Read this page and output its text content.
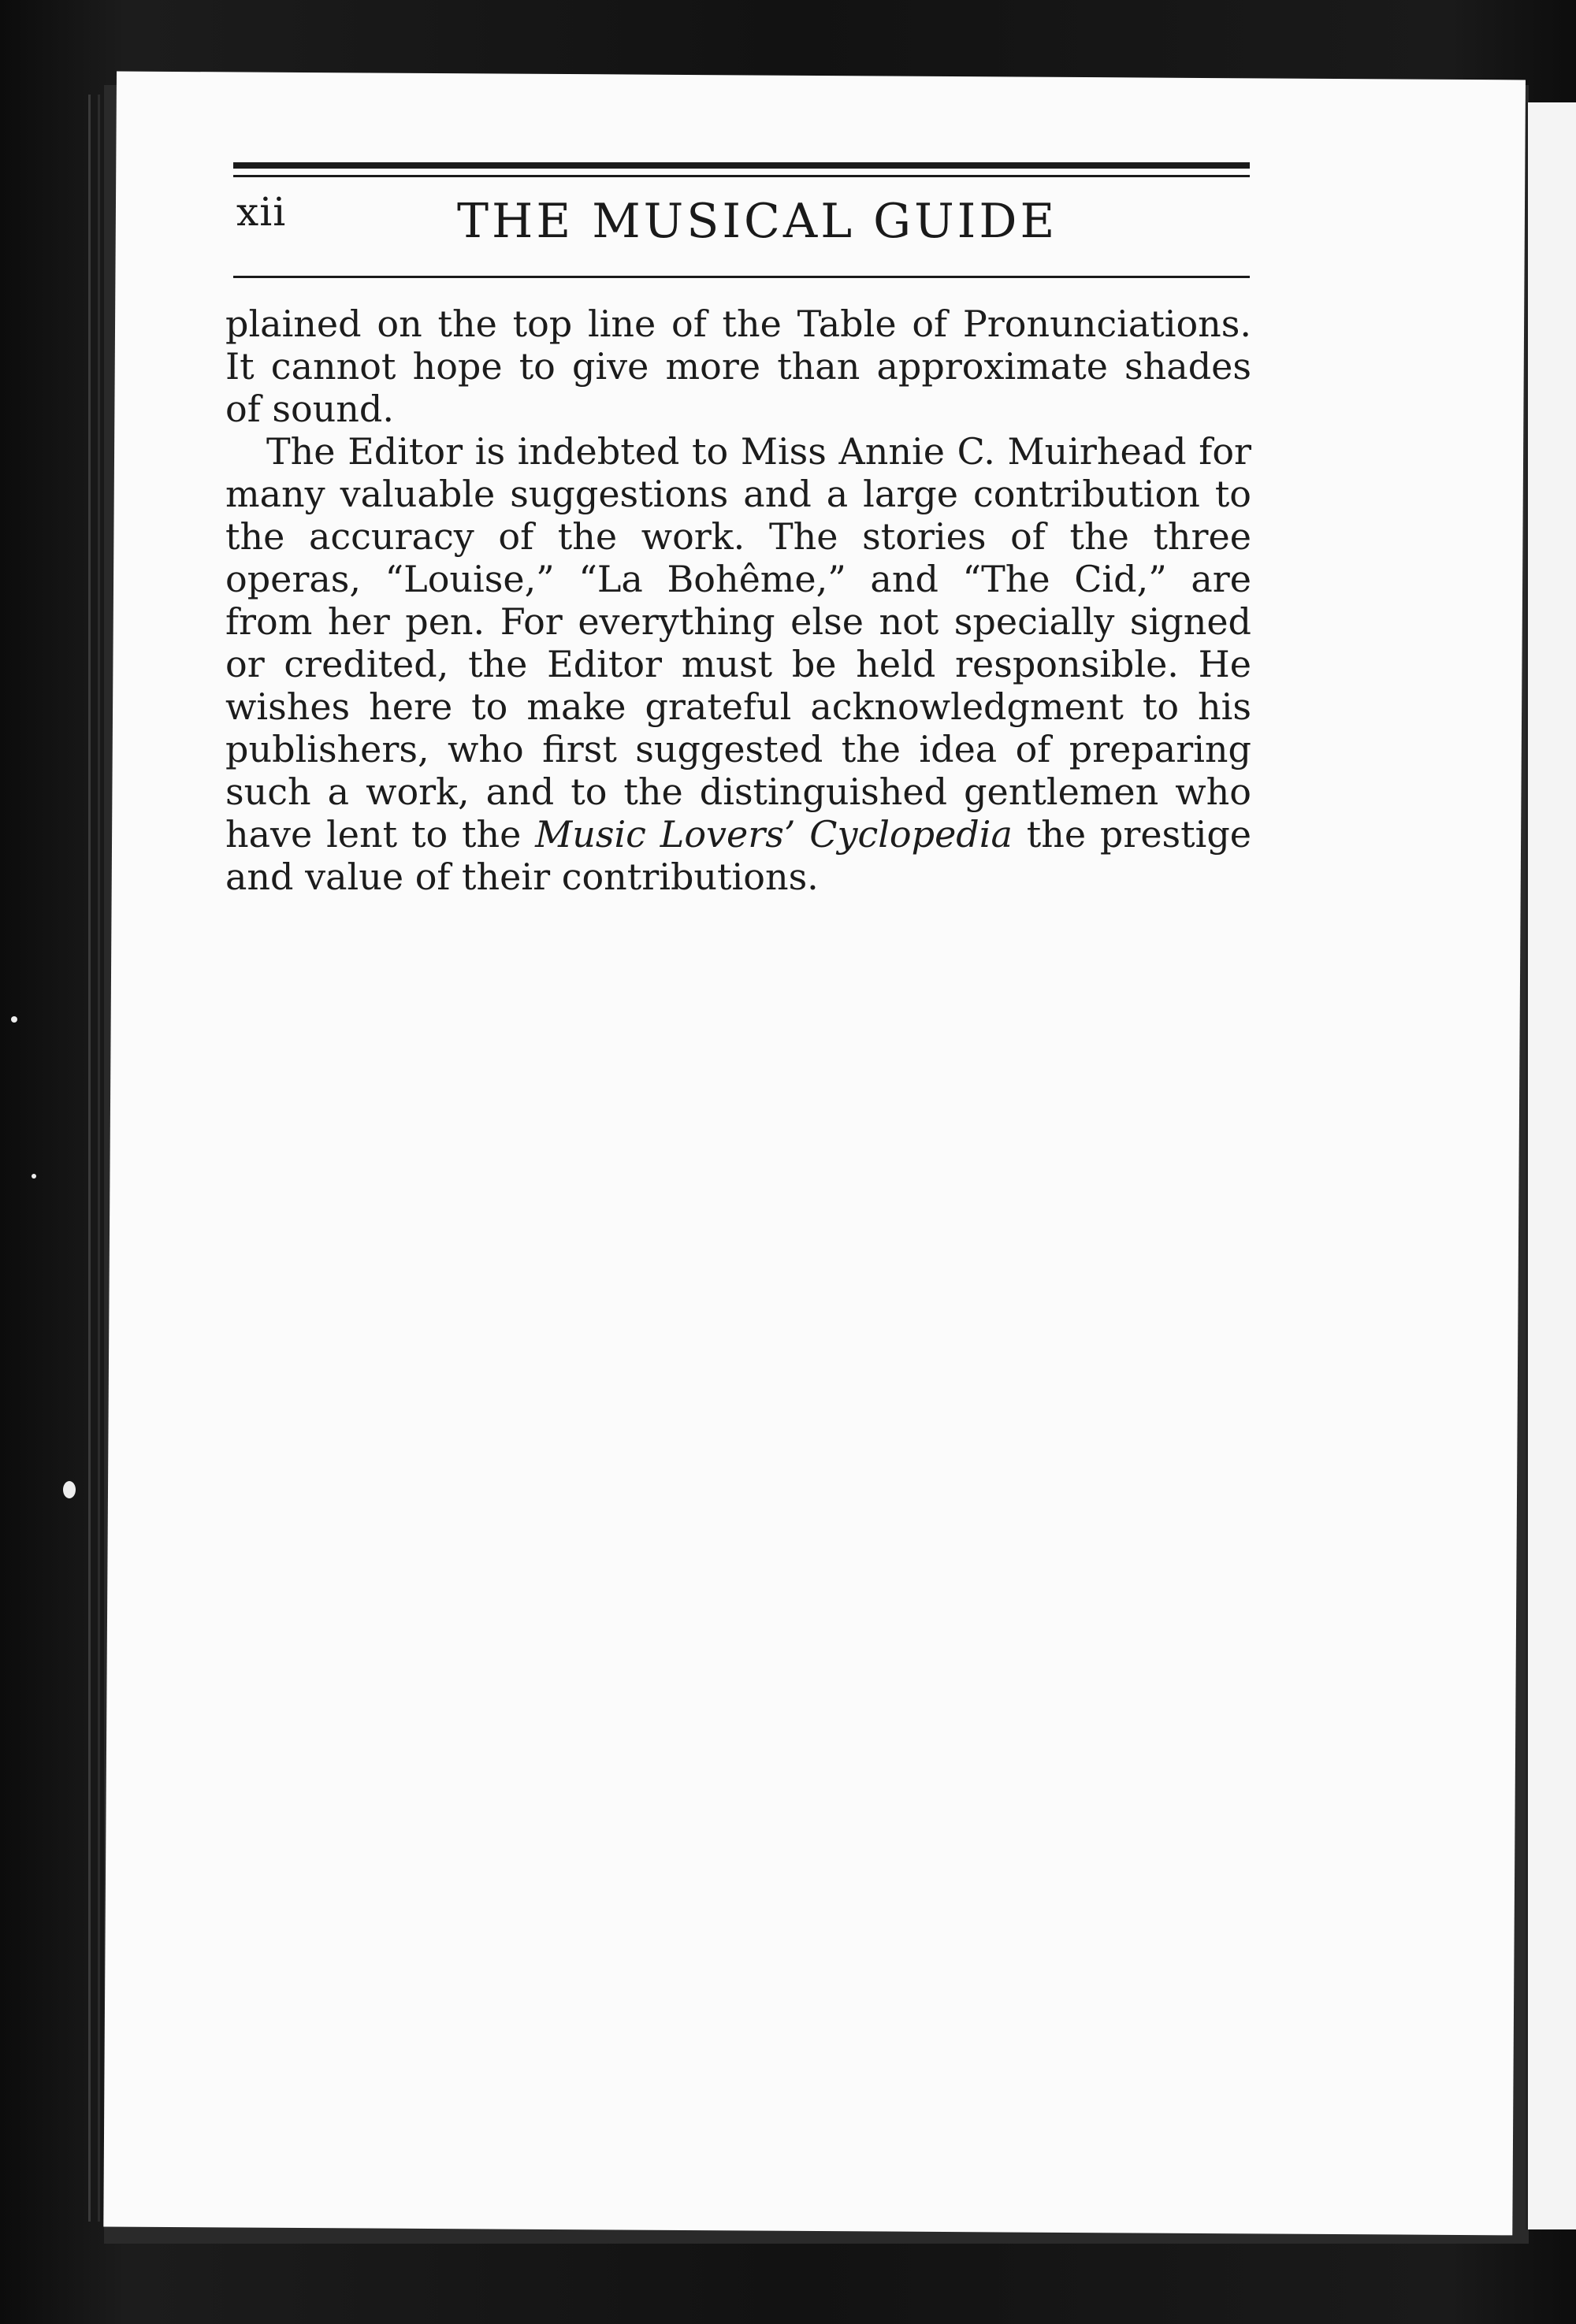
xii	THE MUSICAL GUIDE

plained on the top line of the Table of Pronunciations. It cannot hope to give more than approximate shades of sound.

The Editor is indebted to Miss Annie C. Muirhead for many valuable suggestions and a large contribution to the accuracy of the work. The stories of the three operas, “Louise,” “La Bohême,” and “The Cid,” are from her pen. For everything else not specially signed or credited, the Editor must be held responsible. He wishes here to make grateful acknowledgment to his publishers, who first suggested the idea of preparing such a work, and to the distinguished gentlemen who have lent to the Music Lovers’ Cyclopedia the prestige and value of their contributions.
